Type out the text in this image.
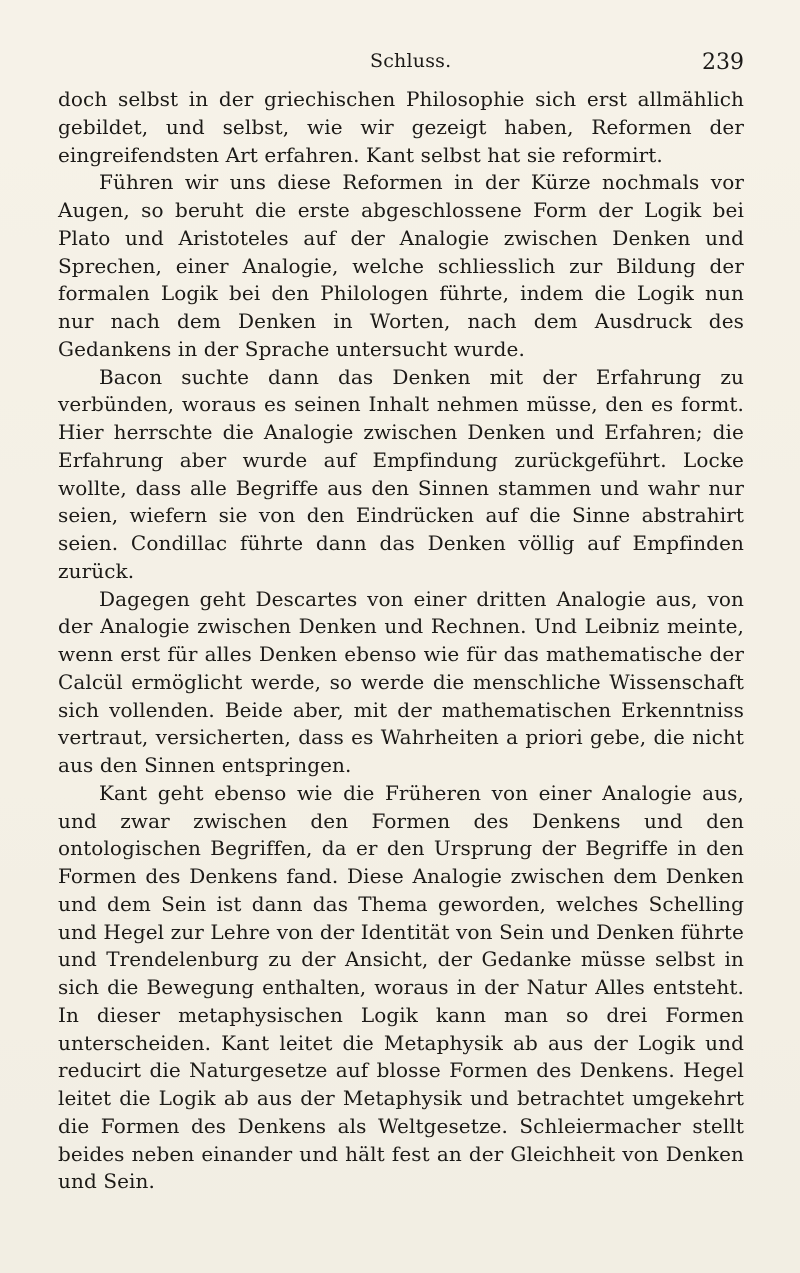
Schluss.	239

doch selbst in der griechischen Philosophie sich erst allmählich gebildet, und selbst, wie wir gezeigt haben, Reformen der eingreifendsten Art erfahren. Kant selbst hat sie reformirt.

Führen wir uns diese Reformen in der Kürze nochmals vor Augen, so beruht die erste abgeschlossene Form der Logik bei Plato und Aristoteles auf der Analogie zwischen Denken und Sprechen, einer Analogie, welche schliesslich zur Bildung der formalen Logik bei den Philologen führte, indem die Logik nun nur nach dem Denken in Worten, nach dem Ausdruck des Gedankens in der Sprache untersucht wurde.

Bacon suchte dann das Denken mit der Erfahrung zu verbünden, woraus es seinen Inhalt nehmen müsse, den es formt. Hier herrschte die Analogie zwischen Denken und Erfahren; die Erfahrung aber wurde auf Empfindung zurückgeführt. Locke wollte, dass alle Begriffe aus den Sinnen stammen und wahr nur seien, wiefern sie von den Eindrücken auf die Sinne abstrahirt seien. Condillac führte dann das Denken völlig auf Empfinden zurück.

Dagegen geht Descartes von einer dritten Analogie aus, von der Analogie zwischen Denken und Rechnen. Und Leibniz meinte, wenn erst für alles Denken ebenso wie für das mathematische der Calcül ermöglicht werde, so werde die menschliche Wissenschaft sich vollenden. Beide aber, mit der mathematischen Erkenntniss vertraut, versicherten, dass es Wahrheiten a priori gebe, die nicht aus den Sinnen entspringen.

Kant geht ebenso wie die Früheren von einer Analogie aus, und zwar zwischen den Formen des Denkens und den ontologischen Begriffen, da er den Ursprung der Begriffe in den Formen des Denkens fand. Diese Analogie zwischen dem Denken und dem Sein ist dann das Thema geworden, welches Schelling und Hegel zur Lehre von der Identität von Sein und Denken führte und Trendelenburg zu der Ansicht, der Gedanke müsse selbst in sich die Bewegung enthalten, woraus in der Natur Alles entsteht. In dieser metaphysischen Logik kann man so drei Formen unterscheiden. Kant leitet die Metaphysik ab aus der Logik und reducirt die Naturgesetze auf blosse Formen des Denkens. Hegel leitet die Logik ab aus der Metaphysik und betrachtet umgekehrt die Formen des Denkens als Weltgesetze. Schleiermacher stellt beides neben einander und hält fest an der Gleichheit von Denken und Sein.
